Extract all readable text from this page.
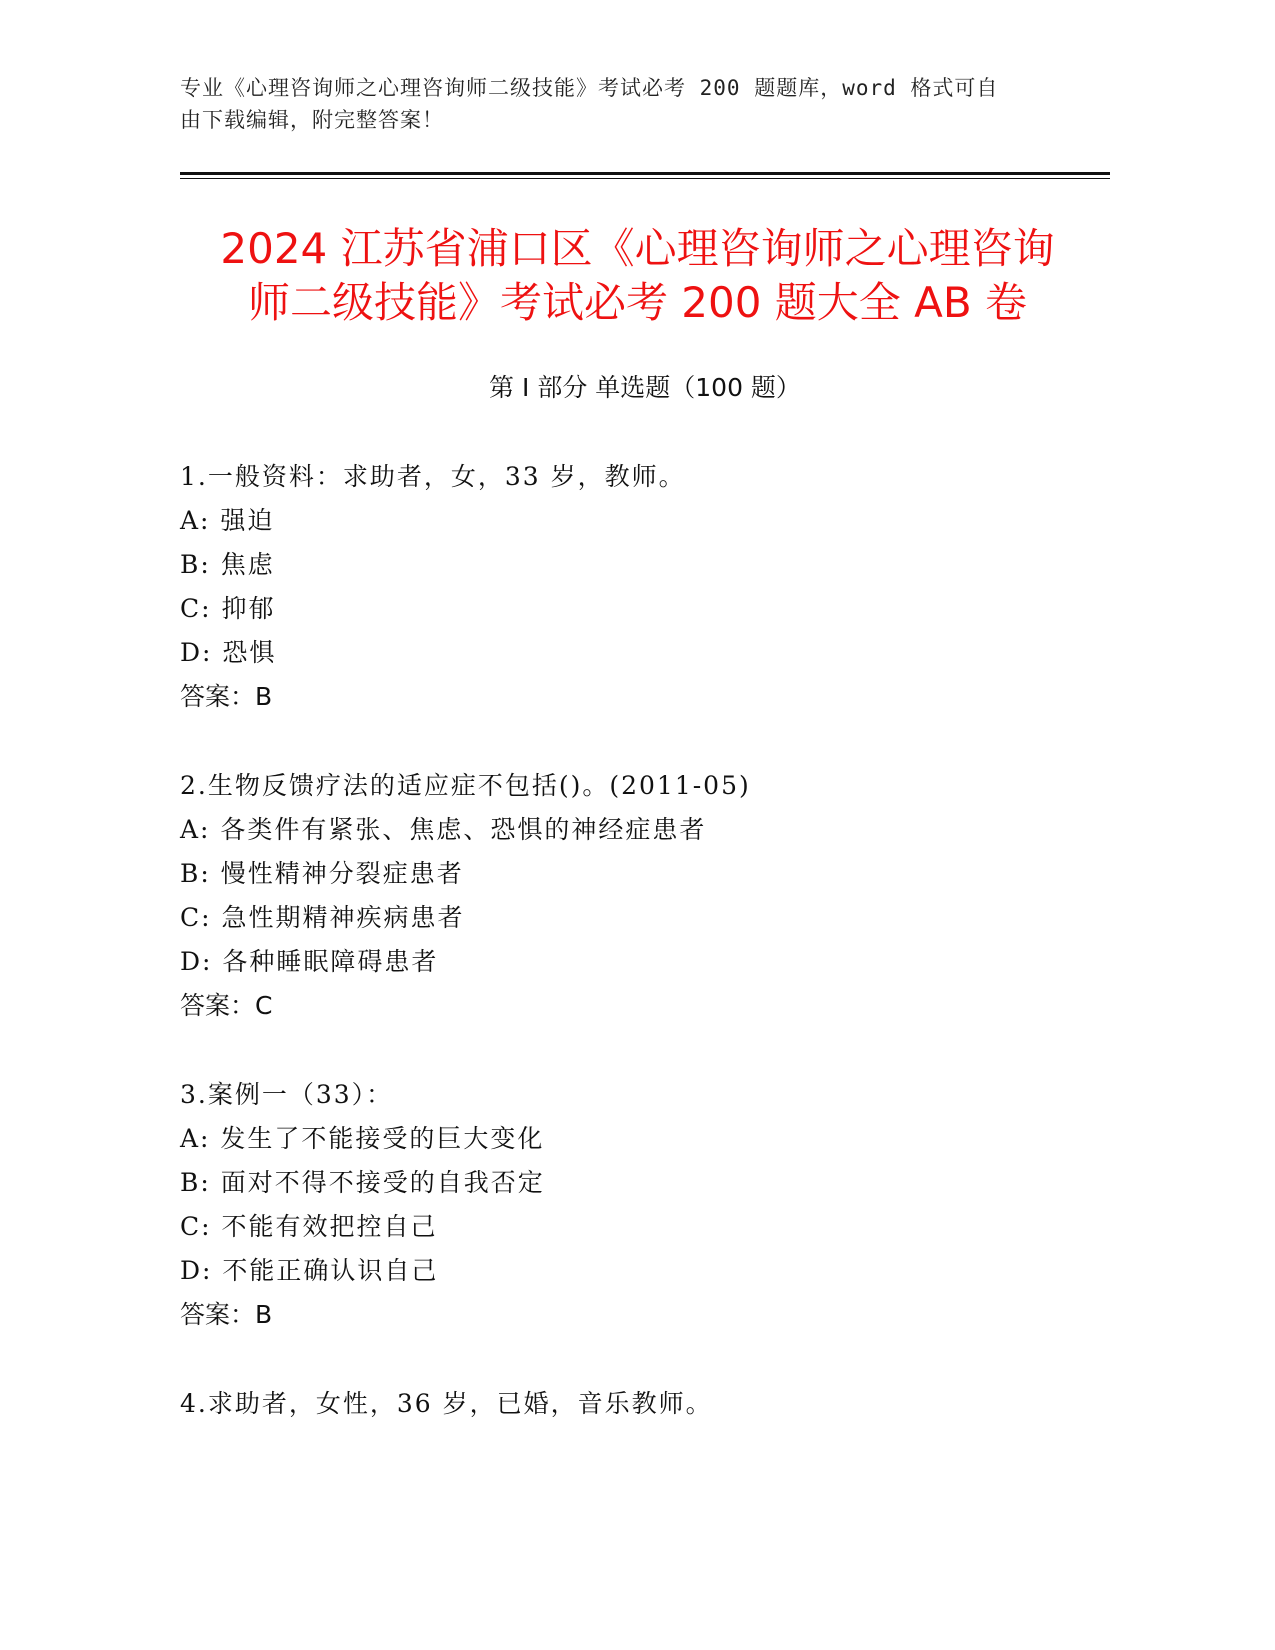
专业《心理咨询师之心理咨询师二级技能》考试必考 200 题题库，word 格式可自
由下载编辑，附完整答案！
2024 江苏省浦口区《心理咨询师之心理咨询
师二级技能》考试必考 200 题大全 AB 卷
第 I 部分 单选题（100 题）
1.一般资料：求助者，女，33 岁，教师。
A: 强迫
B: 焦虑
C: 抑郁
D: 恐惧
答案：B
2.生物反馈疗法的适应症不包括()。(2011-05)
A: 各类件有紧张、焦虑、恐惧的神经症患者
B: 慢性精神分裂症患者
C: 急性期精神疾病患者
D: 各种睡眠障碍患者
答案：C
3.案例一（33）：
A: 发生了不能接受的巨大变化
B: 面对不得不接受的自我否定
C: 不能有效把控自己
D: 不能正确认识自己
答案：B
4.求助者，女性，36 岁，已婚，音乐教师。
